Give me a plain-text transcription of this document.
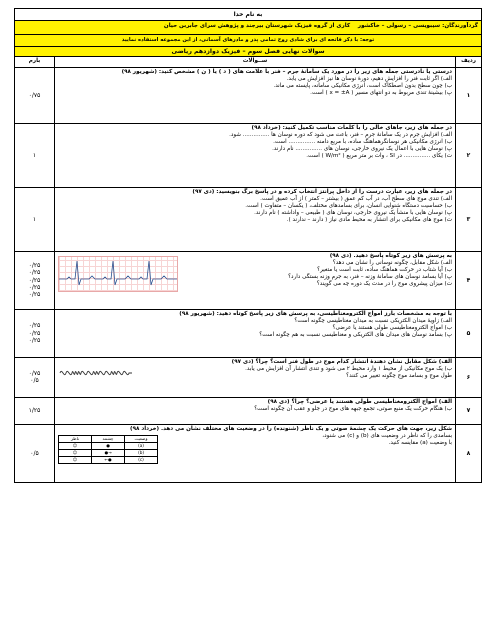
به نام خدا
گردآورندگان: سیبویسی – رسولی – خاکشور    کاری از گروه فیزیک شهرستان بیرجند و پژوهش سرای جابربن حیان
توجه: با ذکر فاتحه ای برای شادی روح تمامی پدر و مادرهای آسمانی، از این مجموعه استفاده نمایید
سوالات نهایی فصل سوم – فیزیک دوازدهم ریاضی
ردیف	ســوالات	بارم
۱	
درستی یا نادرستی جمله های زیر را در مورد یک سامانهٔ جرم – فنر با علامت های ( د ) یا ( ن ) مشخص کنید: (شهریور ۹۸)
الف) اگر ثابت فنر را افزایش دهیم، دورهٔ نوسان ها نیز افزایش می یابد.
ب) چون سطح بدون اصطکاک است، انرژی مکانیکی سامانه، پایسته می ماند.
پ) بیشینهٔ تندی مربوط به دو انتهای مسیر ( x = ±A ) است.
	۰/۷۵
۲	
در جمله های زیر، جاهای خالی را با کلمات مناسب تکمیل کنید: (خرداد ۹۸)
الف) افزایش جرم در یک سامانهٔ جرم – فنر، باعث می شود که دوره نوسان ها ............... شود.
ب) انرژی مکانیکی هر نوسانگرهماهنگ ساده، با مربع دامنه ............... است.
پ) نوسان هایی با اعمال یک نیروی خارجی، نوسان های ............... نام دارند.
ت) یکای ............... در SI ، وات بر متر مربع ( W/m² ) است.
	۱
۳	
در جمله های زیر، عبارت درست را از داخل پرانتز انتخاب کرده و در پاسخ برگ بنویسید: (دی ۹۷)
الف) تندی موج های سطح آب، در آب کم عمق ( بیشتر – کمتر ) از آب عمیق است.
ب) حساسیت دستگاه شنوایی انسان، برای بسامدهای مختلف، ( یکسان – متفاوت ) است.
پ) نوسان هایی با منشأ یک نیروی خارجی، نوسان های ( طبیعی – واداشته ) نام دارند.
ت) موج های مکانیکی برای انتشار به محیط مادی نیاز ( دارند – ندارند ).
	۱
۴	
به پرسش های زیر کوتاه پاسخ دهید. (دی ۹۸)
الف) شکل مقابل، چگونه نوسانی را نشان می دهد؟
ب) آیا شتاب در حرکت هماهنگ ساده، ثابت است یا متغیر؟
پ) آیا بسامد نوسان های سامانهٔ وزنه – فنر، به جرم وزنه بستگی دارد؟
ت) میزان پیشروی موج را در مدت یک دوره چه می گویند؟
	۰/۲۵
۰/۲۵
۰/۲۵
۰/۲۵
۰/۲۵
۵	
با توجه به مشخصات بارز امواج الکترومغناطیسی، به پرسش های زیر پاسخ کوتاه دهید: (شهریور ۹۸)
الف) زاویهٔ میدان الکتریکی نسبت به میدان مغناطیسی چگونه است؟
ب) امواج الکترومغناطیسی طولی هستند یا عرضی؟
پ) بسامد نوسان های میدان های الکتریکی و مغناطیسی نسبت به هم چگونه است؟
	۰/۲۵
۰/۲۵
۰/۲۵
۶	
الف) شکل مقابل نشان دهندهٔ انتشار کدام موج در طول فنر است؟ چرا؟ (دی ۹۷)
ب) یک موج مکانیکی از محیط ۱ وارد محیط ۲ می شود و تندی انتشار آن افزایش می یابد.
طول موج و بسامد موج چگونه تغییر می کنند؟
	۰/۷۵
۰/۵
۷	
الف) امواج الکترومغناطیسی طولی هستند یا عرضی؟ چرا؟ (دی ۹۸)
ب) هنگام حرکت یک منبع صوتی، تجمع جبهه های موج در جلو و عقب آن چگونه است؟
	۱/۲۵
۸	
شکل زیر، جهت های حرکت یک چشمهٔ صوتی و یک ناظر (شنونده) را در وضعیت های مختلف نشان می دهد. (خرداد ۹۸)
ناظر	چشمه	وضعیت
☺	●	(a)
☺	●→	(b)
☺	←●	(c)
بسامدی را که ناظر در وضعیت های (b) و (c) می شنود،
با وضعیت (a) مقایسه کنید.
	۰/۵
